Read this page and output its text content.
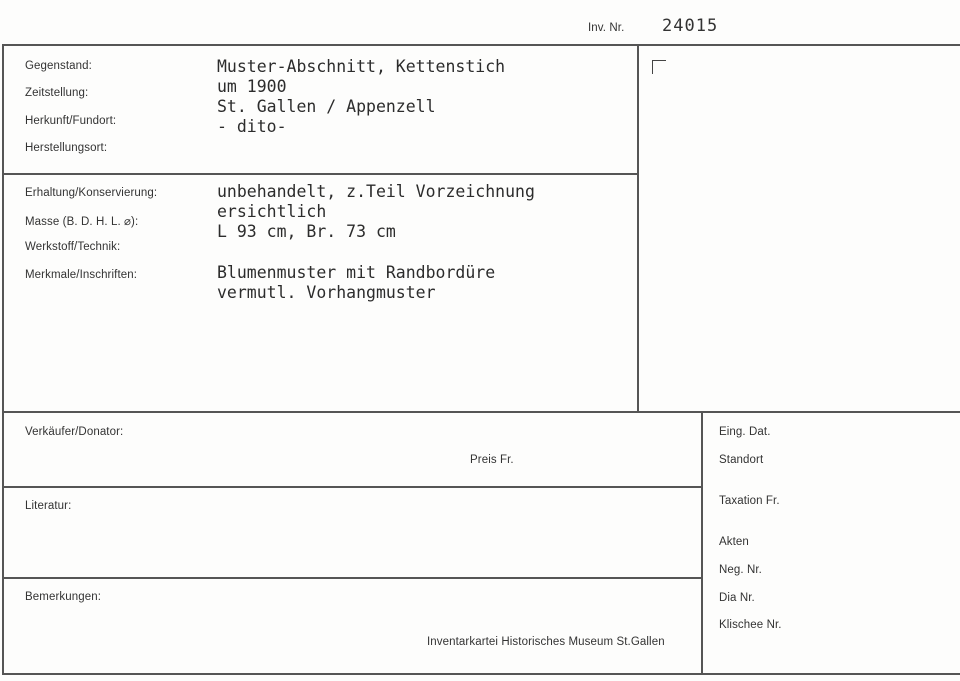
Inv. Nr. 24015
Gegenstand:
Zeitstellung:
Herkunft/Fundort:
Herstellungsort:
Muster-Abschnitt, Kettenstich
um 1900
St. Gallen / Appenzell
- dito-
Erhaltung/Konservierung:
Masse (B. D. H. L. ⌀):
Werkstoff/Technik:
Merkmale/Inschriften:
unbehandelt, z.Teil Vorzeichnung
ersichtlich
L 93 cm, Br. 73 cm
Blumenmuster mit Randbordüre
vermutl. Vorhangmuster
Verkäufer/Donator:
Preis Fr.
Literatur:
Bemerkungen:
Inventarkartei Historisches Museum St.Gallen
Eing. Dat.
Standort
Taxation Fr.
Akten
Neg. Nr.
Dia Nr.
Klischee Nr.
